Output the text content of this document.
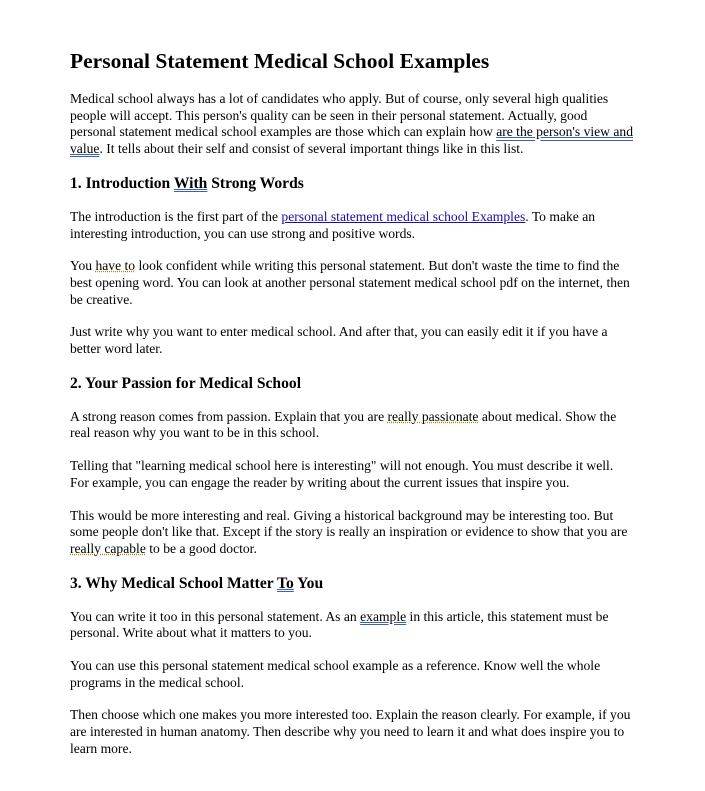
Personal Statement Medical School Examples

Medical school always has a lot of candidates who apply. But of course, only several high qualities people will accept. This person's quality can be seen in their personal statement. Actually, good personal statement medical school examples are those which can explain how are the person's view and value. It tells about their self and consist of several important things like in this list.

1. Introduction With Strong Words

The introduction is the first part of the personal statement medical school Examples. To make an interesting introduction, you can use strong and positive words.

You have to look confident while writing this personal statement. But don't waste the time to find the best opening word. You can look at another personal statement medical school pdf on the internet, then be creative.

Just write why you want to enter medical school. And after that, you can easily edit it if you have a better word later.

2. Your Passion for Medical School

A strong reason comes from passion. Explain that you are really passionate about medical. Show the real reason why you want to be in this school.

Telling that "learning medical school here is interesting" will not enough. You must describe it well. For example, you can engage the reader by writing about the current issues that inspire you.

This would be more interesting and real. Giving a historical background may be interesting too. But some people don't like that. Except if the story is really an inspiration or evidence to show that you are really capable to be a good doctor.

3. Why Medical School Matter To You

You can write it too in this personal statement. As an example in this article, this statement must be personal. Write about what it matters to you.

You can use this personal statement medical school example as a reference. Know well the whole programs in the medical school.

Then choose which one makes you more interested too. Explain the reason clearly. For example, if you are interested in human anatomy. Then describe why you need to learn it and what does inspire you to learn more.
